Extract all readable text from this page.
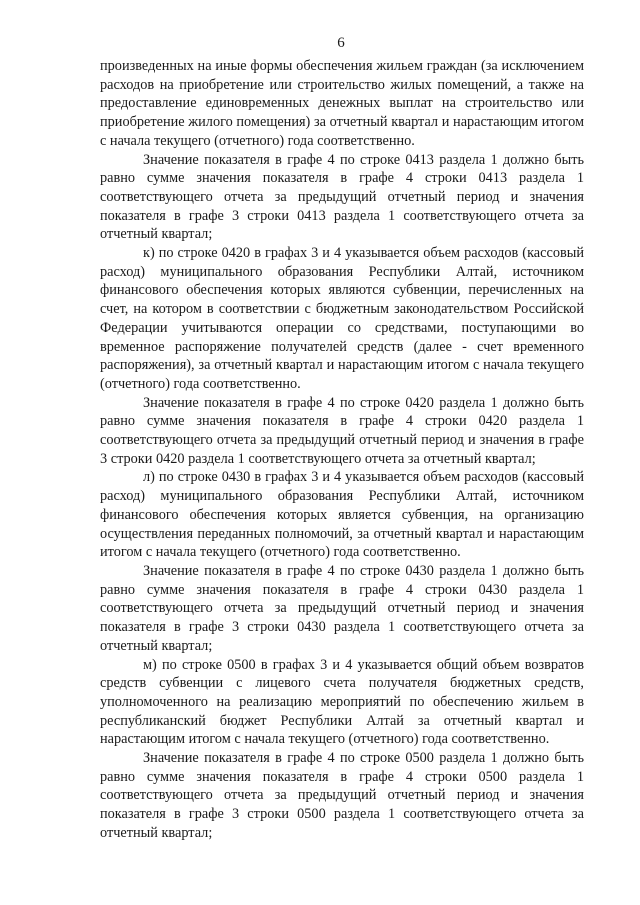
6

произведенных на иные формы обеспечения жильем граждан (за исключением расходов на приобретение или строительство жилых помещений, а также на предоставление единовременных денежных выплат на строительство или приобретение жилого помещения) за отчетный квартал и нарастающим итогом с начала текущего (отчетного) года соответственно.

Значение показателя в графе 4 по строке 0413 раздела 1 должно быть равно сумме значения показателя в графе 4 строки 0413 раздела 1 соответствующего отчета за предыдущий отчетный период и значения показателя в графе 3 строки 0413 раздела 1 соответствующего отчета за отчетный квартал;

к) по строке 0420 в графах 3 и 4 указывается объем расходов (кассовый расход) муниципального образования Республики Алтай, источником финансового обеспечения которых являются субвенции, перечисленных на счет, на котором в соответствии с бюджетным законодательством Российской Федерации учитываются операции со средствами, поступающими во временное распоряжение получателей средств (далее - счет временного распоряжения), за отчетный квартал и нарастающим итогом с начала текущего (отчетного) года соответственно.

Значение показателя в графе 4 по строке 0420 раздела 1 должно быть равно сумме значения показателя в графе 4 строки 0420 раздела 1 соответствующего отчета за предыдущий отчетный период и значения в графе 3 строки 0420 раздела 1 соответствующего отчета за отчетный квартал;

л) по строке 0430 в графах 3 и 4 указывается объем расходов (кассовый расход) муниципального образования Республики Алтай, источником финансового обеспечения которых является субвенция, на организацию осуществления переданных полномочий, за отчетный квартал и нарастающим итогом с начала текущего (отчетного) года соответственно.

Значение показателя в графе 4 по строке 0430 раздела 1 должно быть равно сумме значения показателя в графе 4 строки 0430 раздела 1 соответствующего отчета за предыдущий отчетный период и значения показателя в графе 3 строки 0430 раздела 1 соответствующего отчета за отчетный квартал;

м) по строке 0500 в графах 3 и 4 указывается общий объем возвратов средств субвенции с лицевого счета получателя бюджетных средств, уполномоченного на реализацию мероприятий по обеспечению жильем в республиканский бюджет Республики Алтай за отчетный квартал и нарастающим итогом с начала текущего (отчетного) года соответственно.

Значение показателя в графе 4 по строке 0500 раздела 1 должно быть равно сумме значения показателя в графе 4 строки 0500 раздела 1 соответствующего отчета за предыдущий отчетный период и значения показателя в графе 3 строки 0500 раздела 1 соответствующего отчета за отчетный квартал;
